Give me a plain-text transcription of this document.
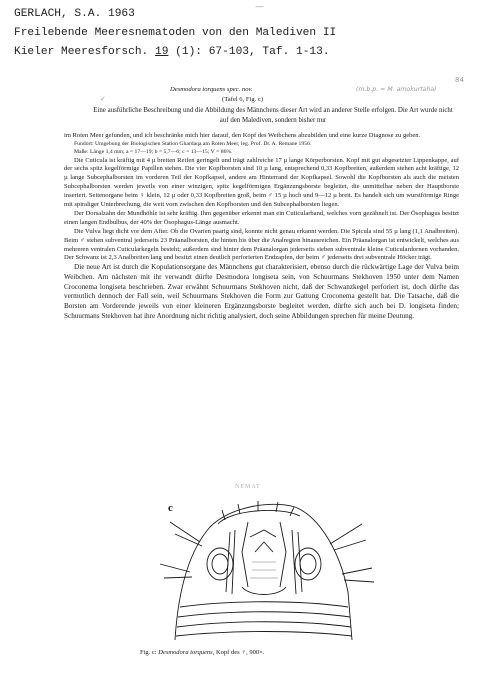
GERLACH, S.A. 1963
Freilebende Meeresnematoden von den Malediven II
Kieler Meeresforsch. 19 (1): 67-103, Taf. 1-13.
—
(m.b.p. = M. amokurtaha)
84
✓
Desmodora torquens spec. nov.
(Tafel 6, Fig. c)
Eine ausführliche Beschreibung und die Abbildung des Männchens dieser Art wird an anderer Stelle erfolgen. Die Art wurde nicht auf den Malediven, sondern bisher nur

im Roten Meer gefunden, und ich beschränke mich hier darauf, den Kopf des Weibchens abzubilden und eine kurze Diagnose zu geben.

Fundort: Umgebung der Biologischen Station Ghardaqa am Roten Meer, leg. Prof. Dr. A. Remane 1956.

Maße: Länge 1,4 mm; a = 17—19; b = 5,7—6; c = 13—15; V = 86%.

Die Cuticula ist kräftig mit 4 µ breiten Reifen geringelt und trägt zahlreiche 17 µ lange Körperborsten. Kopf mit gut abgesetzter Lippenkappe, auf der sechs spitz kegelförmige Papillen stehen. Die vier Kopfborsten sind 10 µ lang, entsprechend 0,33 Kopfbreiten, außerdem stehen acht kräftige, 12 µ lange Subcephalborsten im vorderen Teil der Kopfkapsel, andere am Hinterrand der Kopfkapsel. Sowohl die Kopfborsten als auch die meisten Subcephalborsten werden jeweils von einer winzigen, spitz kegelförmigen Ergänzungsborste begleitet, die unmittelbar neben der Hauptborste inseriert. Seitenorgane beim ♀ klein, 12 µ oder 0,33 Kopfbreiten groß, beim ♂ 15 µ hoch und 9—12 µ breit. Es handelt sich um wurstförmige Ringe mit spiraliger Unterbrechung, die weit vorn zwischen den Kopfborsten und den Subcephalborsten liegen.

Der Dorsalzahn der Mundhöhle ist sehr kräftig. Ihm gegenüber erkennt man ein Cuticularband, welches vorn gezähnelt ist. Der Ösophagus besitzt einen langen Endbulbus, der 40% der Ösophagus-Länge ausmacht.

Die Vulva liegt dicht vor dem After. Ob die Ovarien paarig sind, konnte nicht genau erkannt werden. Die Spicula sind 55 µ lang (1,1 Analbreiten). Beim ♂ stehen subventral jederseits 23 Präanalborsten, die hinten bis über die Analregion hinausreichen. Ein Präanalorgan ist entwickelt, welches aus mehreren ventralen Cuticularkegeln besteht; außerdem sind hinter dem Präanalorgan jederseits sieben subventrale kleine Cuticulardornen vorhanden. Der Schwanz ist 2,3 Analbreiten lang und besitzt einen deutlich perforierten Endzapfen, der beim ♂ jederseits drei subventrale Höcker trägt.

Die neue Art ist durch die Kopulationsorgane des Männchens gut charakterisiert, ebenso durch die rückwärtige Lage der Vulva beim Weibchen. Am nächsten mit ihr verwandt dürfte Desmodora longiseta sein, von Schuurmans Stekhoven 1950 unter dem Namen Croconema longiseta beschrieben. Zwar erwähnt Schuurmans Stekhoven nicht, daß der Schwanzkegel perforiert ist, doch dürfte das vermutlich dennoch der Fall sein, weil Schuurmans Stekhoven die Form zur Gattung Croconema gestellt hat. Die Tatsache, daß die Borsten am Vorderende jeweils von einer kleineren Ergänzungsborste begleitet werden, dürfte sich auch bei D. longiseta finden; Schuurmans Stekhoven hat ihre Anordnung nicht richtig analysiert, doch seine Abbildungen sprechen für meine Deutung.

NEMAT
c
Fig. c: Desmodora torquens, Kopf des ♀, 900×.
